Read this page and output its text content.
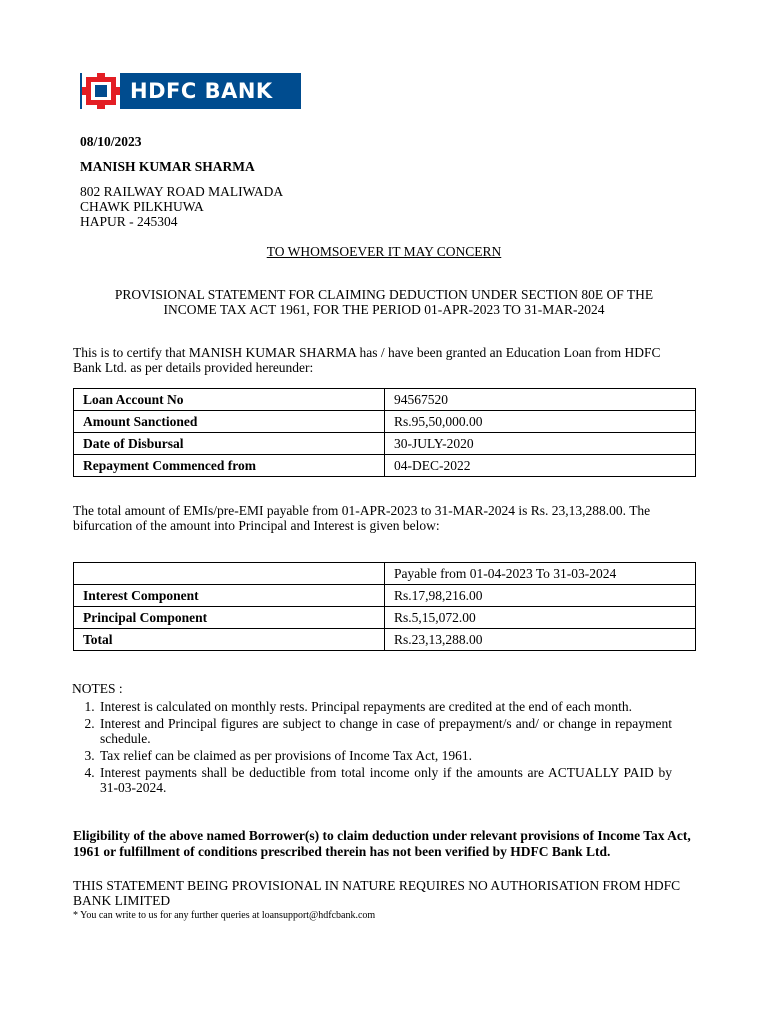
HDFC BANK
08/10/2023
MANISH KUMAR SHARMA
802 RAILWAY ROAD MALIWADA
CHAWK PILKHUWA
HAPUR - 245304
TO WHOMSOEVER IT MAY CONCERN
PROVISIONAL STATEMENT FOR CLAIMING DEDUCTION UNDER SECTION 80E OF THE
INCOME TAX ACT 1961, FOR THE PERIOD 01-APR-2023 TO 31-MAR-2024
This is to certify that MANISH KUMAR SHARMA has / have been granted an Education Loan from HDFC
Bank Ltd. as per details provided hereunder:
Loan Account No	94567520
Amount Sanctioned	Rs.95,50,000.00
Date of Disbursal	30-JULY-2020
Repayment Commenced from	04-DEC-2022
The total amount of EMIs/pre-EMI payable from 01-APR-2023 to 31-MAR-2024 is Rs. 23,13,288.00. The
bifurcation of the amount into Principal and Interest is given below:
	Payable from 01-04-2023 To 31-03-2024
Interest Component	Rs.17,98,216.00
Principal Component	Rs.5,15,072.00
Total	Rs.23,13,288.00
NOTES :
1. Interest is calculated on monthly rests. Principal repayments are credited at the end of each month.
2. Interest and Principal figures are subject to change in case of prepayment/s and/ or change in repayment schedule.
3. Tax relief can be claimed as per provisions of Income Tax Act, 1961.
4. Interest payments shall be deductible from total income only if the amounts are ACTUALLY PAID by 31-03-2024.
Eligibility of the above named Borrower(s) to claim deduction under relevant provisions of Income Tax Act, 1961 or fulfillment of conditions prescribed therein has not been verified by HDFC Bank Ltd.
THIS STATEMENT BEING PROVISIONAL IN NATURE REQUIRES NO AUTHORISATION FROM HDFC BANK LIMITED
* You can write to us for any further queries at loansupport@hdfcbank.com
